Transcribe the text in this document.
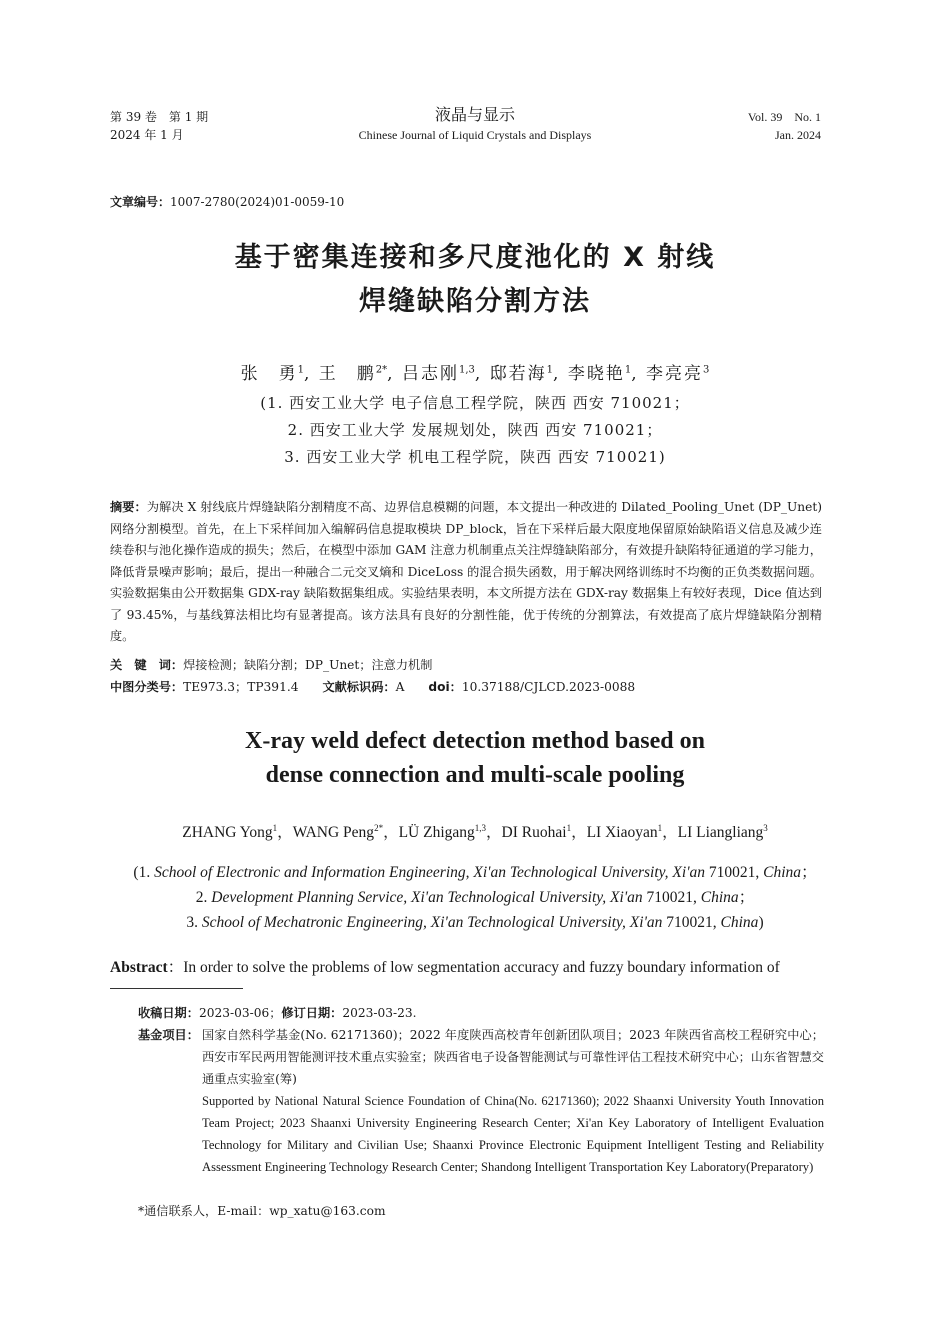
第 39 卷　第 1 期
2024 年 1 月
液晶与显示
Chinese Journal of Liquid Crystals and Displays
Vol. 39　No. 1
Jan. 2024
文章编号：1007-2780(2024)01-0059-10
基于密集连接和多尺度池化的 X 射线
焊缝缺陷分割方法
张　勇$^1$, 王　鹏$^{2*}$, 吕志刚$^{1,3}$, 邸若海$^1$, 李晓艳$^1$, 李亮亮$^3$
(1. 西安工业大学 电子信息工程学院，陕西 西安 710021；
2. 西安工业大学 发展规划处，陕西 西安 710021；
3. 西安工业大学 机电工程学院，陕西 西安 710021)
摘要：为解决 X 射线底片焊缝缺陷分割精度不高、边界信息模糊的问题，本文提出一种改进的 Dilated_Pooling_Unet (DP_Unet)网络分割模型。首先，在上下采样间加入编解码信息提取模块 DP_block，旨在下采样后最大限度地保留原始缺陷语义信息及减少连续卷积与池化操作造成的损失；然后，在模型中添加 GAM 注意力机制重点关注焊缝缺陷部分，有效提升缺陷特征通道的学习能力，降低背景噪声影响；最后，提出一种融合二元交叉熵和 DiceLoss 的混合损失函数，用于解决网络训练时不均衡的正负类数据问题。实验数据集由公开数据集 GDX-ray 缺陷数据集组成。实验结果表明，本文所提方法在 GDX-ray 数据集上有较好表现，Dice 值达到了 93.45%，与基线算法相比均有显著提高。该方法具有良好的分割性能，优于传统的分割算法，有效提高了底片焊缝缺陷分割精度。
关　键　词：焊接检测；缺陷分割；DP_Unet；注意力机制
中图分类号：TE973.3；TP391.4 文献标识码：A doi：10.37188/CJLCD.2023-0088
X-ray weld defect detection method based on
dense connection and multi-scale pooling
ZHANG Yong$^1$，WANG Peng$^{2*}$，LÜ Zhigang$^{1,3}$，DI Ruohai$^1$，LI Xiaoyan$^1$，LI Liangliang$^3$
(1. School of Electronic and Information Engineering, Xi'an Technological University, Xi'an 710021, China；
2. Development Planning Service, Xi'an Technological University, Xi'an 710021, China；
3. School of Mechatronic Engineering, Xi'an Technological University, Xi'an 710021, China)
Abstract：In order to solve the problems of low segmentation accuracy and fuzzy boundary information of
收稿日期：2023-03-06；修订日期：2023-03-23.
基金项目： 国家自然科学基金(No. 62171360)；2022 年度陕西高校青年创新团队项目；2023 年陕西省高校工程研究中心；西安市军民两用智能测评技术重点实验室；陕西省电子设备智能测试与可靠性评估工程技术研究中心；山东省智慧交通重点实验室(筹)
Supported by National Natural Science Foundation of China(No. 62171360); 2022 Shaanxi University Youth Innovation Team Project; 2023 Shaanxi University Engineering Research Center; Xi'an Key Laboratory of Intelligent Evaluation Technology for Military and Civilian Use; Shaanxi Province Electronic Equipment Intelligent Testing and Reliability Assessment Engineering Technology Research Center; Shandong Intelligent Transportation Key Laboratory(Preparatory)
*通信联系人，E-mail：wp_xatu@163.com
